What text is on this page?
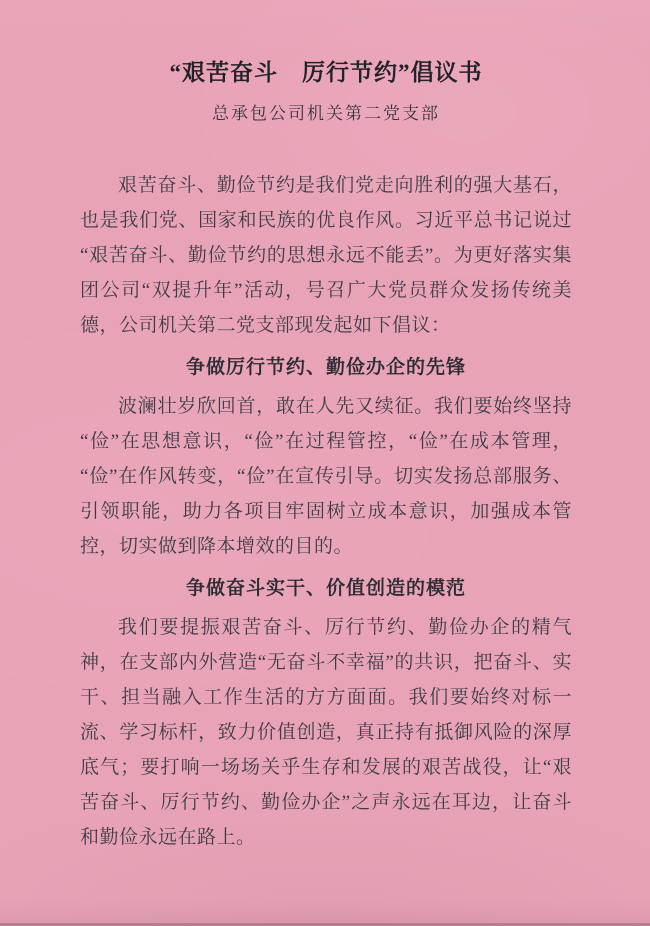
“艰苦奋斗　厉行节约”倡议书
总承包公司机关第二党支部

艰苦奋斗、勤俭节约是我们党走向胜利的强大基石，也是我们党、国家和民族的优良作风。习近平总书记说过“艰苦奋斗、勤俭节约的思想永远不能丢”。为更好落实集团公司“双提升年”活动，号召广大党员群众发扬传统美德，公司机关第二党支部现发起如下倡议：

争做厉行节约、勤俭办企的先锋

波澜壮岁欣回首，敢在人先又续征。我们要始终坚持“俭”在思想意识，“俭”在过程管控，“俭”在成本管理，“俭”在作风转变，“俭”在宣传引导。切实发扬总部服务、引领职能，助力各项目牢固树立成本意识，加强成本管控，切实做到降本增效的目的。

争做奋斗实干、价值创造的模范

我们要提振艰苦奋斗、厉行节约、勤俭办企的精气神，在支部内外营造“无奋斗不幸福”的共识，把奋斗、实干、担当融入工作生活的方方面面。我们要始终对标一流、学习标杆，致力价值创造，真正持有抵御风险的深厚底气；要打响一场场关乎生存和发展的艰苦战役，让“艰苦奋斗、厉行节约、勤俭办企”之声永远在耳边，让奋斗和勤俭永远在路上。
